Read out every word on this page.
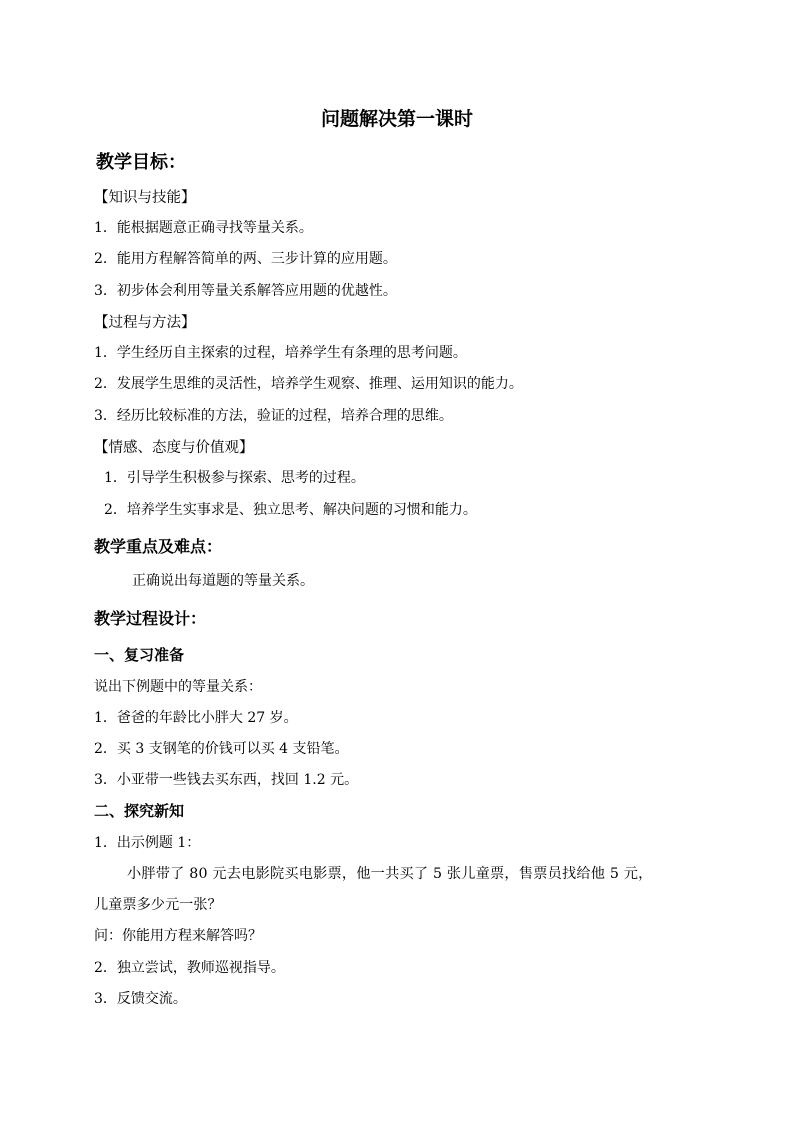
问题解决第一课时
教学目标：
【知识与技能】
1．能根据题意正确寻找等量关系。
2．能用方程解答简单的两、三步计算的应用题。
3．初步体会利用等量关系解答应用题的优越性。
【过程与方法】
1．学生经历自主探索的过程，培养学生有条理的思考问题。
2．发展学生思维的灵活性，培养学生观察、推理、运用知识的能力。
3．经历比较标准的方法，验证的过程，培养合理的思维。
【情感、态度与价值观】
1．引导学生积极参与探索、思考的过程。
2．培养学生实事求是、独立思考、解决问题的习惯和能力。
教学重点及难点：
正确说出每道题的等量关系。
教学过程设计：
一、复习准备
说出下例题中的等量关系：
1．爸爸的年龄比小胖大 27 岁。
2．买 3 支钢笔的价钱可以买 4 支铅笔。
3．小亚带一些钱去买东西，找回 1.2 元。
二、探究新知
1．出示例题 1：
小胖带了 80 元去电影院买电影票，他一共买了 5 张儿童票，售票员找给他 5 元，
儿童票多少元一张？
问：你能用方程来解答吗？
2．独立尝试，教师巡视指导。
3．反馈交流。
